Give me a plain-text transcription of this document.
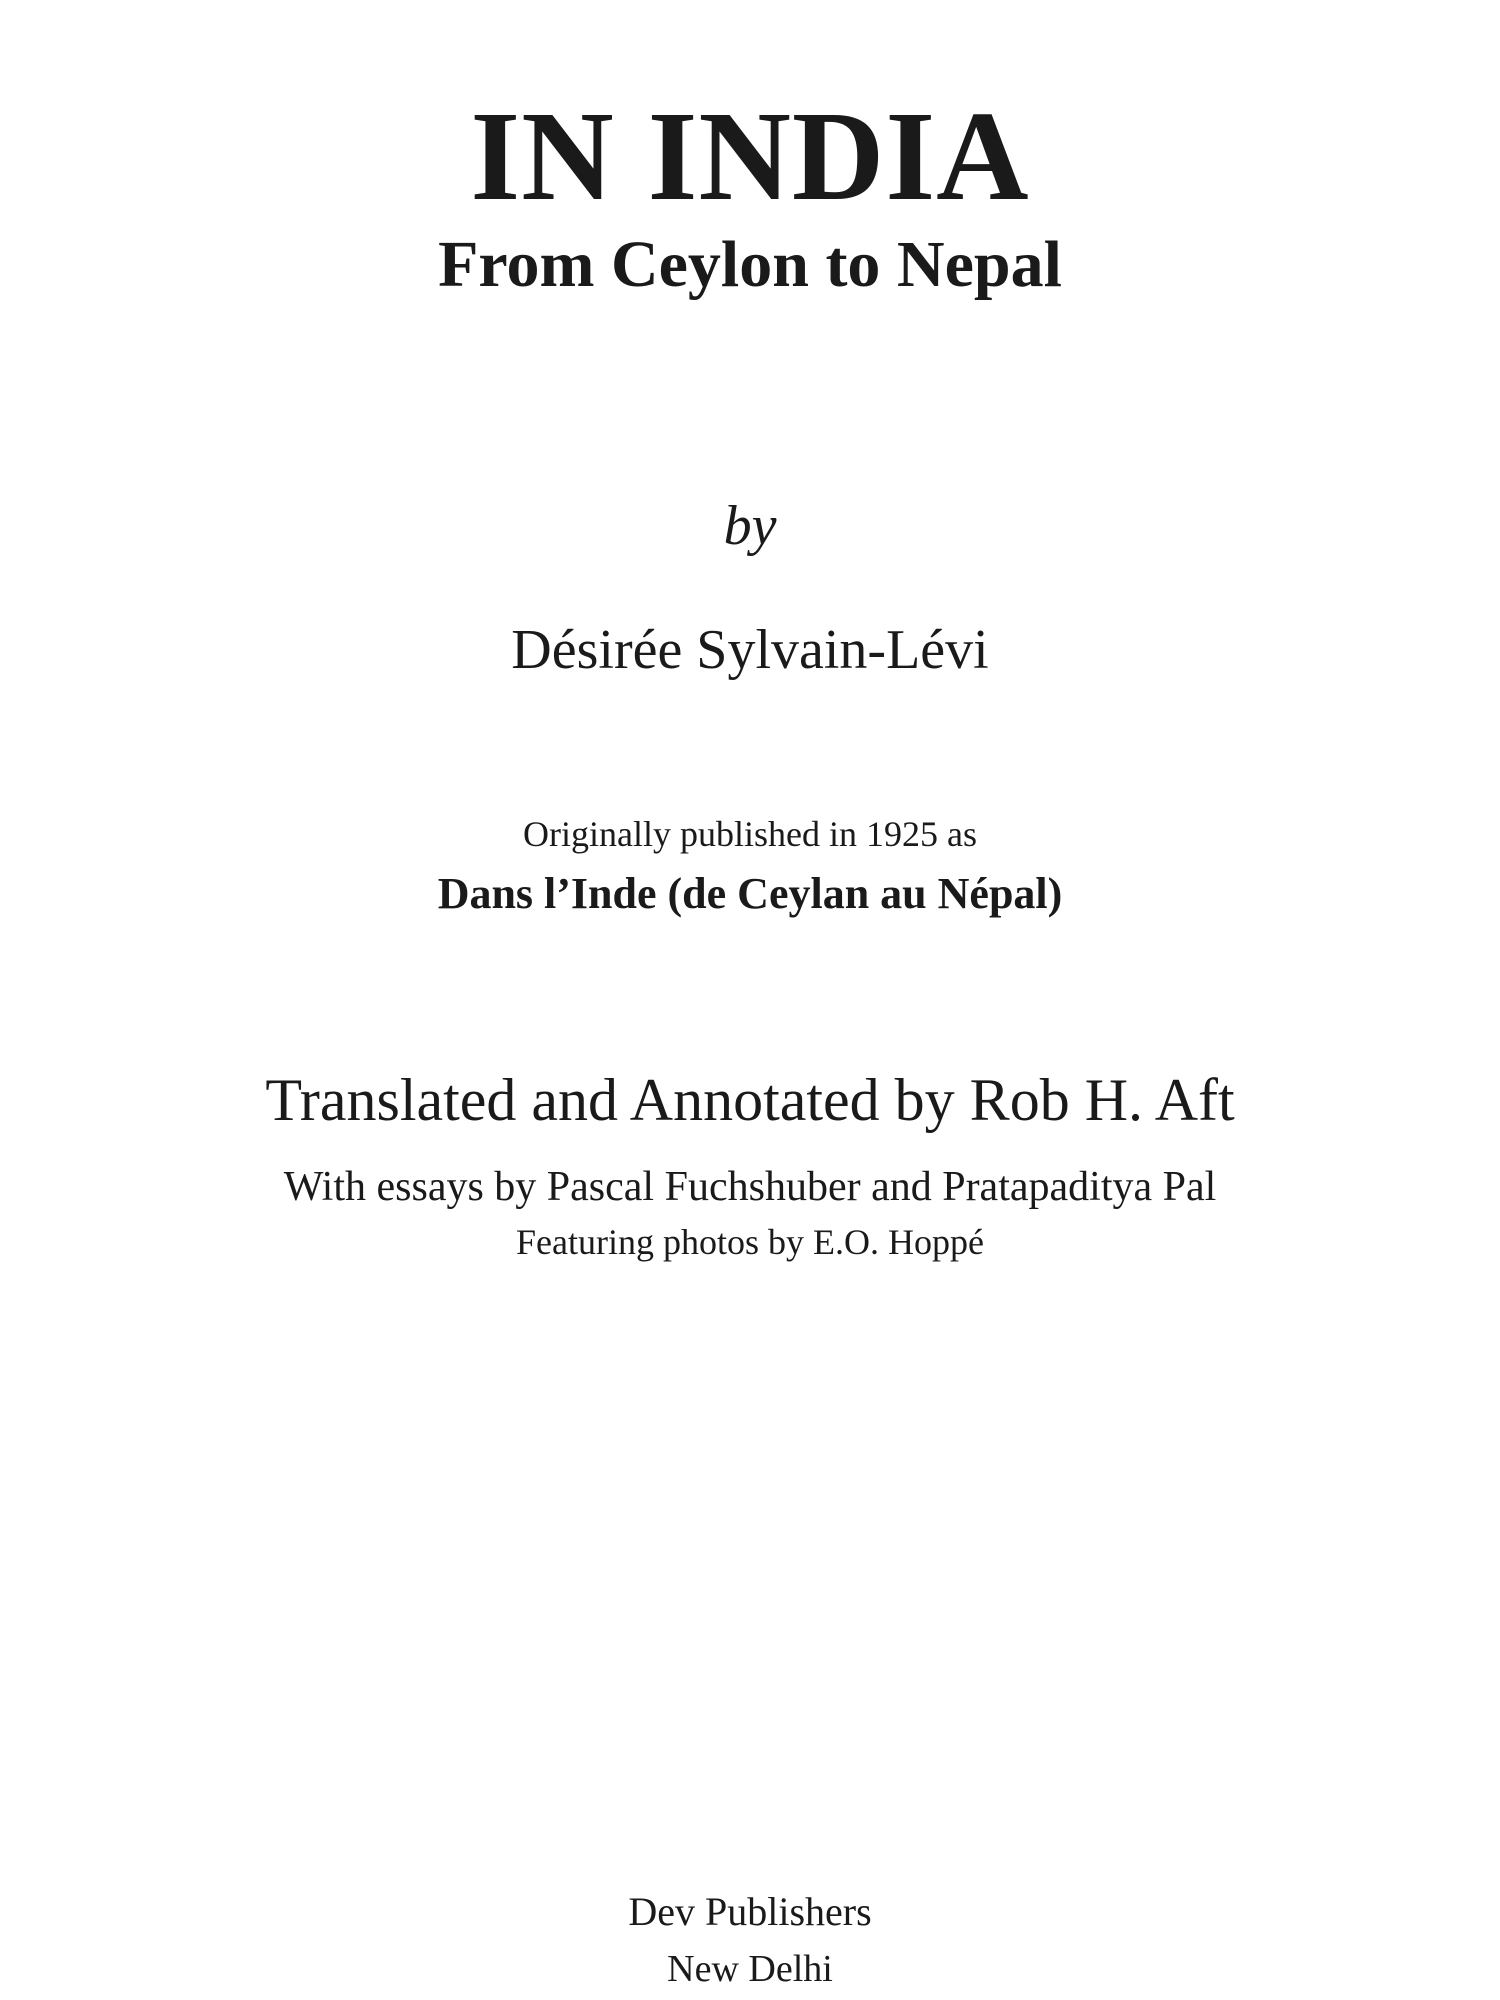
IN INDIA
From Ceylon to Nepal
by
Désirée Sylvain-Lévi
Originally published in 1925 as
Dans l’Inde (de Ceylan au Népal)
Translated and Annotated by Rob H. Aft
With essays by Pascal Fuchshuber and Pratapaditya Pal
Featuring photos by E.O. Hoppé
Dev Publishers
New Delhi
